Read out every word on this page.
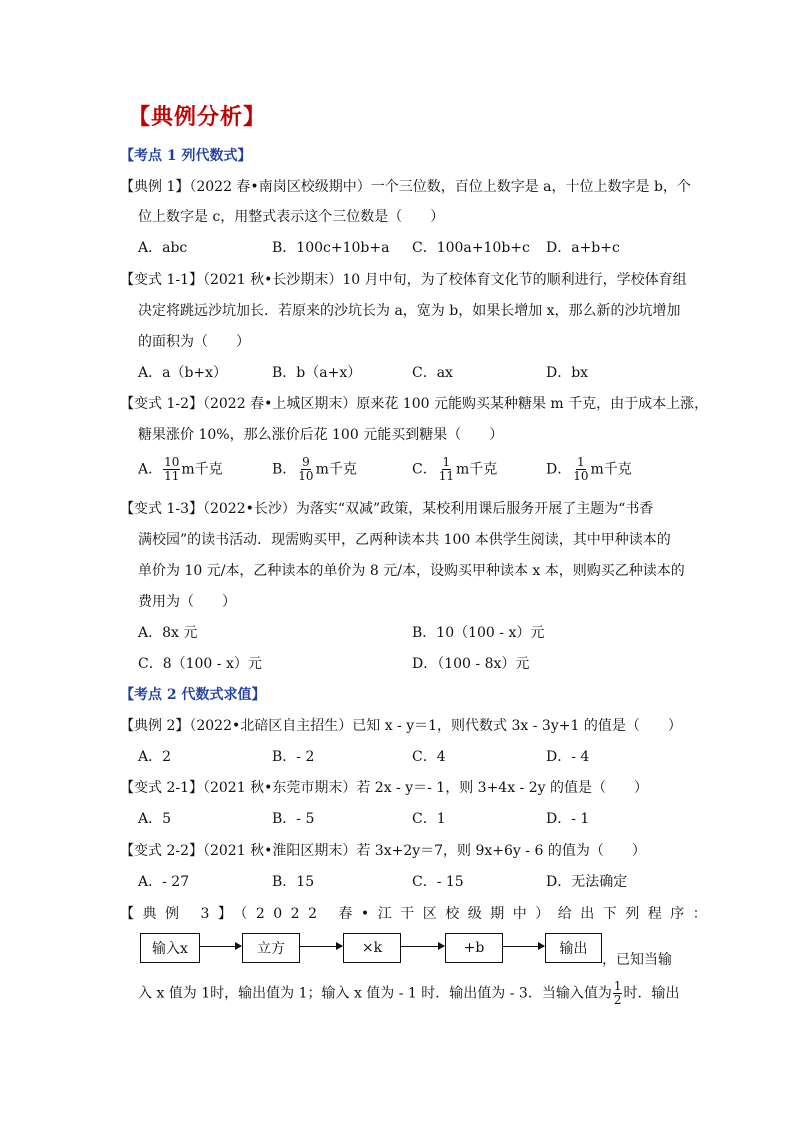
【典例分析】
【考点 1 列代数式】
【典例 1】（2022 春•南岗区校级期中）一个三位数，百位上数字是 a，十位上数字是 b，个
位上数字是 c，用整式表示这个三位数是（　　）
A．abc	B．100c+10b+a C．100a+10b+c D．a+b+c
【变式 1-1】（2021 秋•长沙期末）10 月中旬，为了校体育文化节的顺利进行，学校体育组
决定将跳远沙坑加长．若原来的沙坑长为 a，宽为 b，如果长增加 x，那么新的沙坑增加
的面积为（　　）
A．a（b+x）	B．b（a+x）	C．ax	D．bx
【变式 1-2】（2022 春•上城区期末）原来花 100 元能购买某种糖果 m 千克，由于成本上涨，
糖果涨价 10%，那么涨价后花 100 元能买到糖果（　　）
A． $\frac{10}{11}$ m千克	B． $\frac{9}{10}$ m千克	C． $\frac{1}{11}$ m千克	D． $\frac{1}{10}$ m千克
【变式 1-3】（2022•长沙）为落实“双减”政策，某校利用课后服务开展了主题为“书香
满校园”的读书活动．现需购买甲，乙两种读本共 100 本供学生阅读，其中甲种读本的
单价为 10 元/本，乙种读本的单价为 8 元/本，设购买甲种读本 x 本，则购买乙种读本的
费用为（　　）
A．8x 元	B．10（100 - x）元
C．8（100 - x）元	D．（100 - 8x）元
【考点 2 代数式求值】
【典例 2】（2022•北碚区自主招生）已知 x - y＝1，则代数式 3x - 3y+1 的值是（　　）
A．2	B．- 2	C．4	D．- 4
【变式 2-1】（2021 秋•东莞市期末）若 2x - y＝- 1，则 3+4x - 2y 的值是（　　）
A．5	B．- 5	C．1	D．- 1
【变式 2-2】（2021 秋•淮阳区期末）若 3x+2y＝7，则 9x+6y - 6 的值为（　　）
A．- 27	B．15	C．- 15	D．无法确定
【典例 3】（2022 春•江干区校级期中）给出下列程序：
输入x	立方	×k	+b	输出
，已知当输
入 x 值为 1时，输出值为 1；输入 x 值为 - 1 时．输出值为 - 3．当输入值为 $\frac{1}{2}$ 时．输出
